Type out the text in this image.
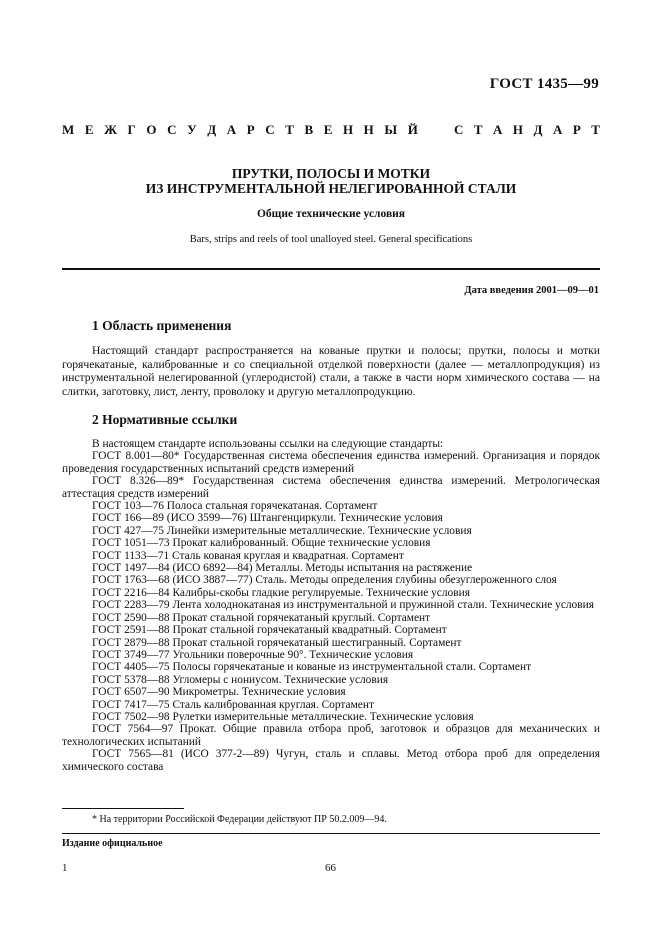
ГОСТ 1435—99
М Е Ж Г О С У Д А Р С Т В Е Н Н Ы Й	С Т А Н Д А Р Т
ПРУТКИ, ПОЛОСЫ И МОТКИ
ИЗ ИНСТРУМЕНТАЛЬНОЙ НЕЛЕГИРОВАННОЙ СТАЛИ
Общие технические условия
Bars, strips and reels of tool unalloyed steel. General specifications
Дата введения 2001—09—01
1 Область применения
Настоящий стандарт распространяется на кованые прутки и полосы; прутки, полосы и мотки горячекатаные, калиброванные и со специальной отделкой поверхности (далее — металлопродукция) из инструментальной нелегированной (углеродистой) стали, а также в части норм химического состава — на слитки, заготовку, лист, ленту, проволоку и другую металлопродукцию.
2 Нормативные ссылки

В настоящем стандарте использованы ссылки на следующие стандарты:

ГОСТ 8.001—80* Государственная система обеспечения единства измерений. Организация и порядок проведения государственных испытаний средств измерений

ГОСТ 8.326—89* Государственная система обеспечения единства измерений. Метрологическая аттестация средств измерений

ГОСТ 103—76 Полоса стальная горячекатаная. Сортамент

ГОСТ 166—89 (ИСО 3599—76) Штангенциркули. Технические условия

ГОСТ 427—75 Линейки измерительные металлические. Технические условия

ГОСТ 1051—73 Прокат калиброванный. Общие технические условия

ГОСТ 1133—71 Сталь кованая круглая и квадратная. Сортамент

ГОСТ 1497—84 (ИСО 6892—84) Металлы. Методы испытания на растяжение

ГОСТ 1763—68 (ИСО 3887—77) Сталь. Методы определения глубины обезуглероженного слоя

ГОСТ 2216—84 Калибры-скобы гладкие регулируемые. Технические условия

ГОСТ 2283—79 Лента холоднокатаная из инструментальной и пружинной стали. Технические условия

ГОСТ 2590—88 Прокат стальной горячекатаный круглый. Сортамент

ГОСТ 2591—88 Прокат стальной горячекатаный квадратный. Сортамент

ГОСТ 2879—88 Прокат стальной горячекатаный шестигранный. Сортамент

ГОСТ 3749—77 Угольники поверочные 90°. Технические условия

ГОСТ 4405—75 Полосы горячекатаные и кованые из инструментальной стали. Сортамент

ГОСТ 5378—88 Угломеры с нониусом. Технические условия

ГОСТ 6507—90 Микрометры. Технические условия

ГОСТ 7417—75 Сталь калиброванная круглая. Сортамент

ГОСТ 7502—98 Рулетки измерительные металлические. Технические условия

ГОСТ 7564—97 Прокат. Общие правила отбора проб, заготовок и образцов для механических и технологических испытаний

ГОСТ 7565—81 (ИСО 377-2—89) Чугун, сталь и сплавы. Метод отбора проб для определения химического состава

* На территории Российской Федерации действуют ПР 50.2.009—94.
Издание официальное
1	66
